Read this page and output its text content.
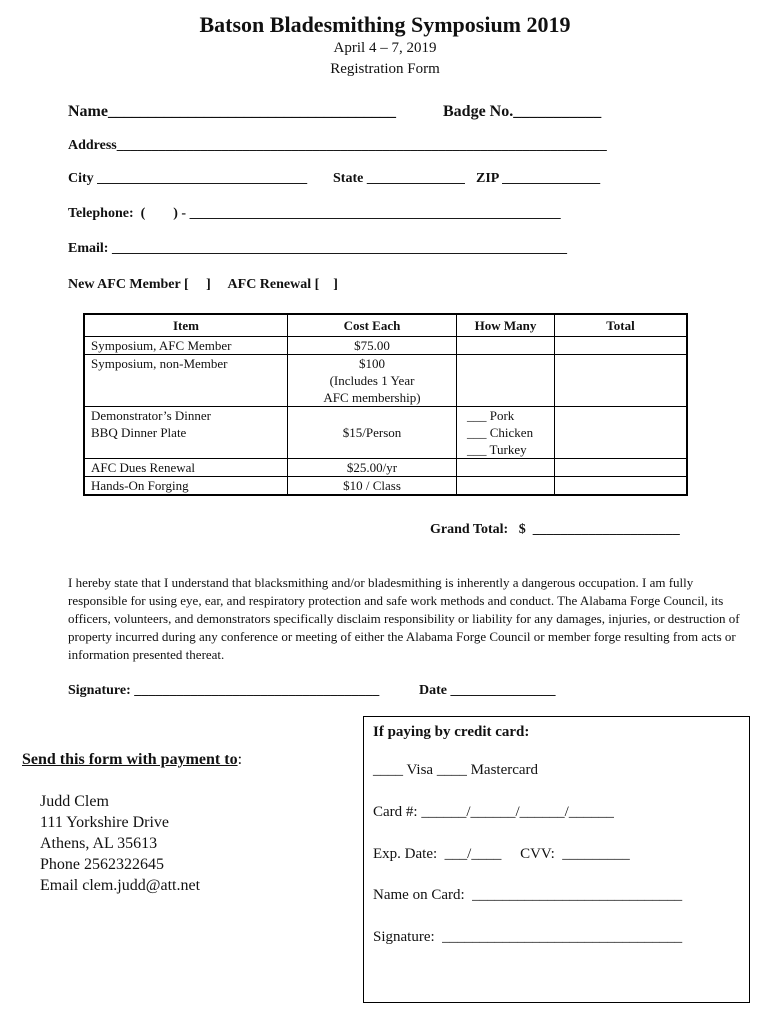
Batson Bladesmithing Symposium 2019
April 4 – 7, 2019
Registration Form
Name____________________________________	Badge No.___________
Address______________________________________________________________________
City ______________________________ State ______________ ZIP ______________
Telephone:  (        ) - _____________________________________________________
Email: _________________________________________________________________
New AFC Member [     ]     AFC Renewal [    ]
Item	Cost Each	How Many	Total
Symposium, AFC Member	$75.00		
Symposium, non-Member	$100
(Includes 1 Year
AFC membership)		
Demonstrator’s Dinner
BBQ Dinner Plate	
$15/Person	___ Pork
___ Chicken
___ Turkey	
AFC Dues Renewal	$25.00/yr		
Hands-On Forging	$10 / Class		
Grand Total:   $  _____________________
I hereby state that I understand that blacksmithing and/or bladesmithing is inherently a dangerous occupation. I am fully responsible for using eye, ear, and respiratory protection and safe work methods and conduct. The Alabama Forge Council, its officers, volunteers, and demonstrators specifically disclaim responsibility or liability for any damages, injuries, or destruction of property incurred during any conference or meeting of either the Alabama Forge Council or member forge resulting from acts or information presented thereat.
Signature: ___________________________________	Date _______________
Send this form with payment to:
Judd Clem
111 Yorkshire Drive
Athens, AL 35613
Phone 2562322645
Email clem.judd@att.net
If paying by credit card:
____ Visa ____ Mastercard
Card #: ______/______/______/______
Exp. Date:  ___/____     CVV:  _________
Name on Card:  ____________________________
Signature:  ________________________________
